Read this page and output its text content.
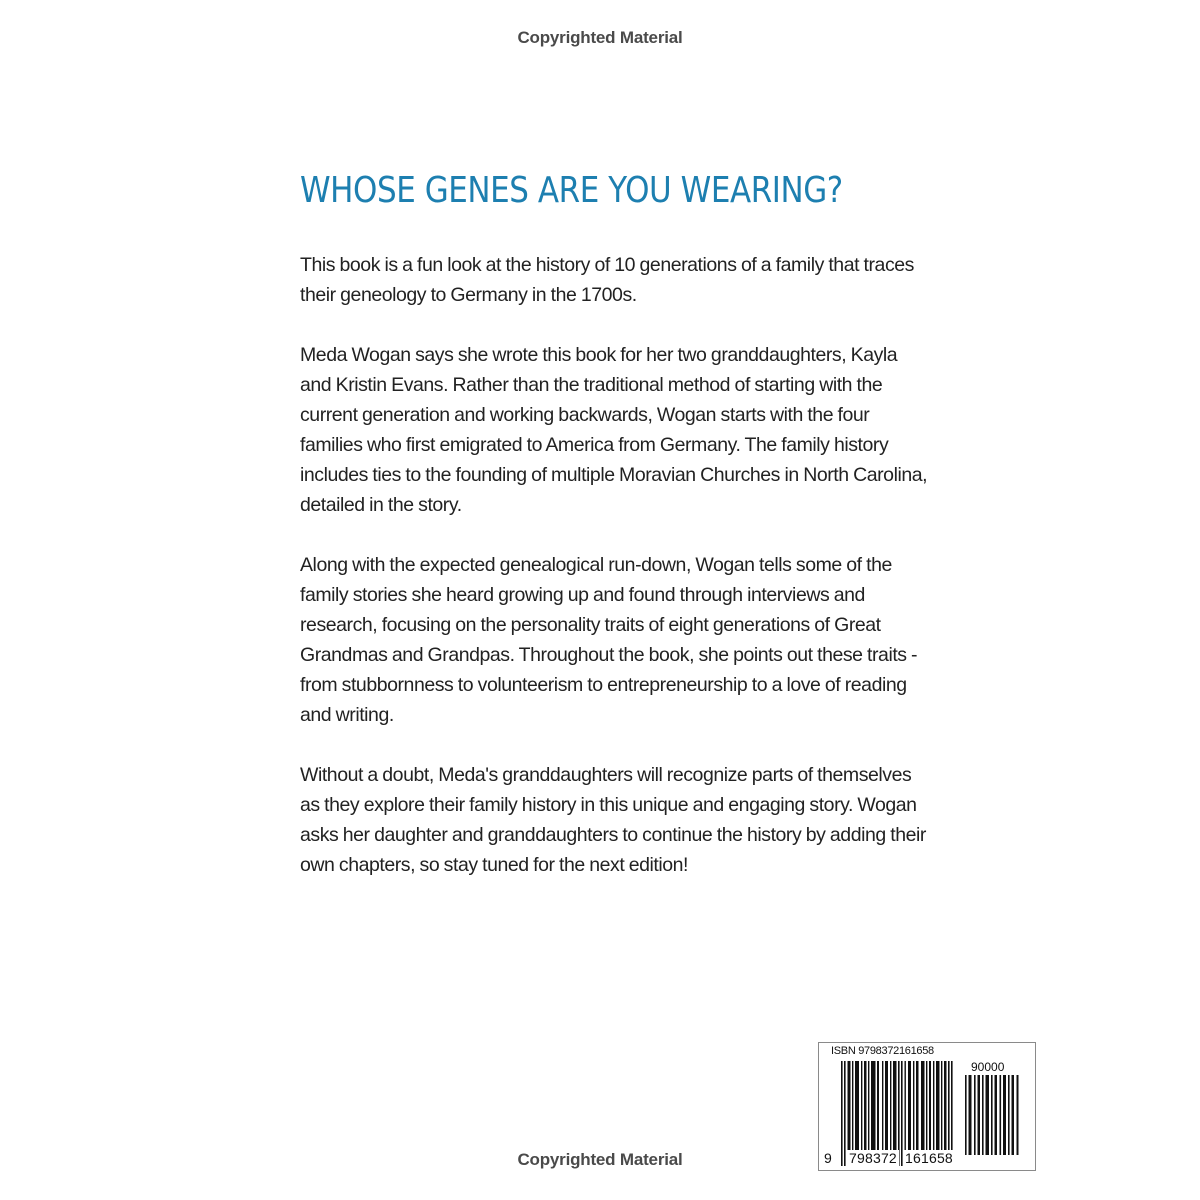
Copyrighted Material
WHOSE GENES ARE YOU WEARING?

This book is a fun look at the history of 10 generations of a family that traces their geneology to Germany in the 1700s.

Meda Wogan says she wrote this book for her two granddaughters, Kayla and Kristin Evans. Rather than the traditional method of starting with the current generation and working backwards, Wogan starts with the four families who first emigrated to America from Germany. The family history includes ties to the founding of multiple Moravian Churches in North Carolina, detailed in the story.

Along with the expected genealogical run-down, Wogan tells some of the family stories she heard growing up and found through interviews and research, focusing on the personality traits of eight generations of Great Grandmas and Grandpas. Throughout the book, she points out these traits - from stubbornness to volunteerism to entrepreneurship to a love of reading and writing.

Without a doubt, Meda's granddaughters will recognize parts of themselves as they explore their family history in this unique and engaging story. Wogan asks her daughter and granddaughters to continue the history by adding their own chapters, so stay tuned for the next edition!

ISBN 9798372161658
90000
9 798372 161658
Copyrighted Material
